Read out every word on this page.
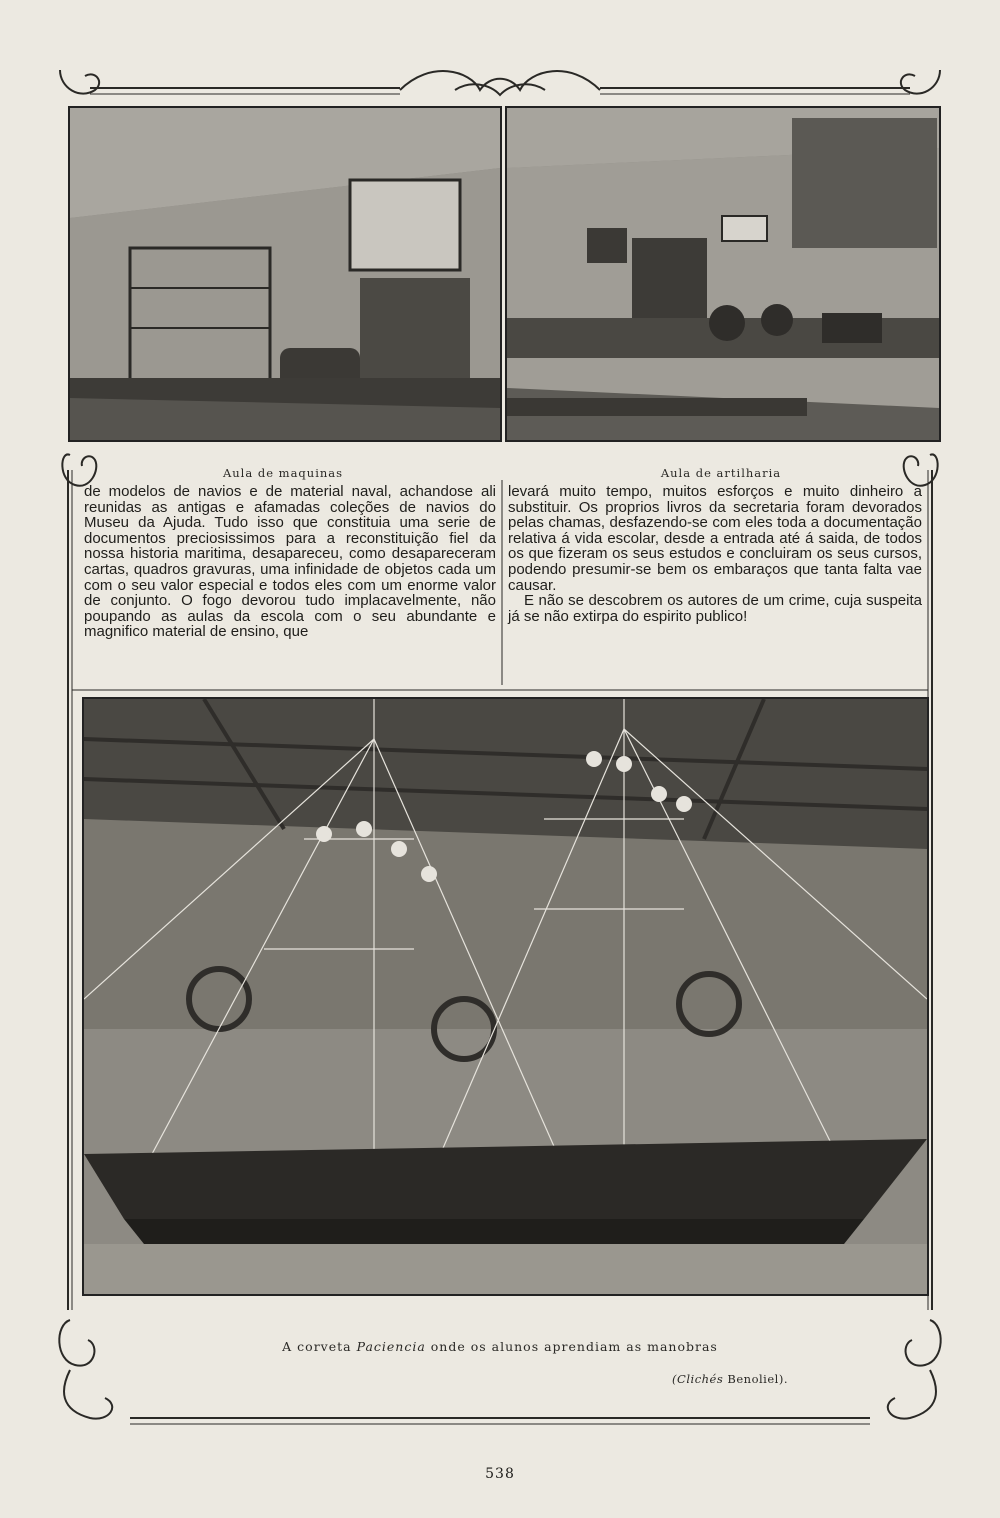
Aula de maquinas	Aula de artilharia

de modelos de navios e de material naval, achandose ali reunidas as antigas e afamadas coleções de navios do Museu da Ajuda. Tudo isso que constituia uma serie de documentos preciosissimos para a reconstituição fiel da nossa historia maritima, desapareceu, como desapareceram cartas, quadros gravuras, uma infinidade de objetos cada um com o seu valor especial e todos eles com um enorme valor de conjunto. O fogo devorou tudo implacavelmente, não poupando as aulas da escola com o seu abundante e magnifico material de ensino, que

levará muito tempo, muitos esforços e muito dinheiro a substituir. Os proprios livros da secretaria foram devorados pelas chamas, desfazendo-se com eles toda a documentação relativa á vida escolar, desde a entrada até á saida, de todos os que fizeram os seus estudos e concluiram os seus cursos, podendo presumir-se bem os embaraços que tanta falta vae causar.

E não se descobrem os autores de um crime, cuja suspeita já se não extirpa do espirito publico!

A corveta Paciencia onde os alunos aprendiam as manobras
(Clichés Benoliel).
538
